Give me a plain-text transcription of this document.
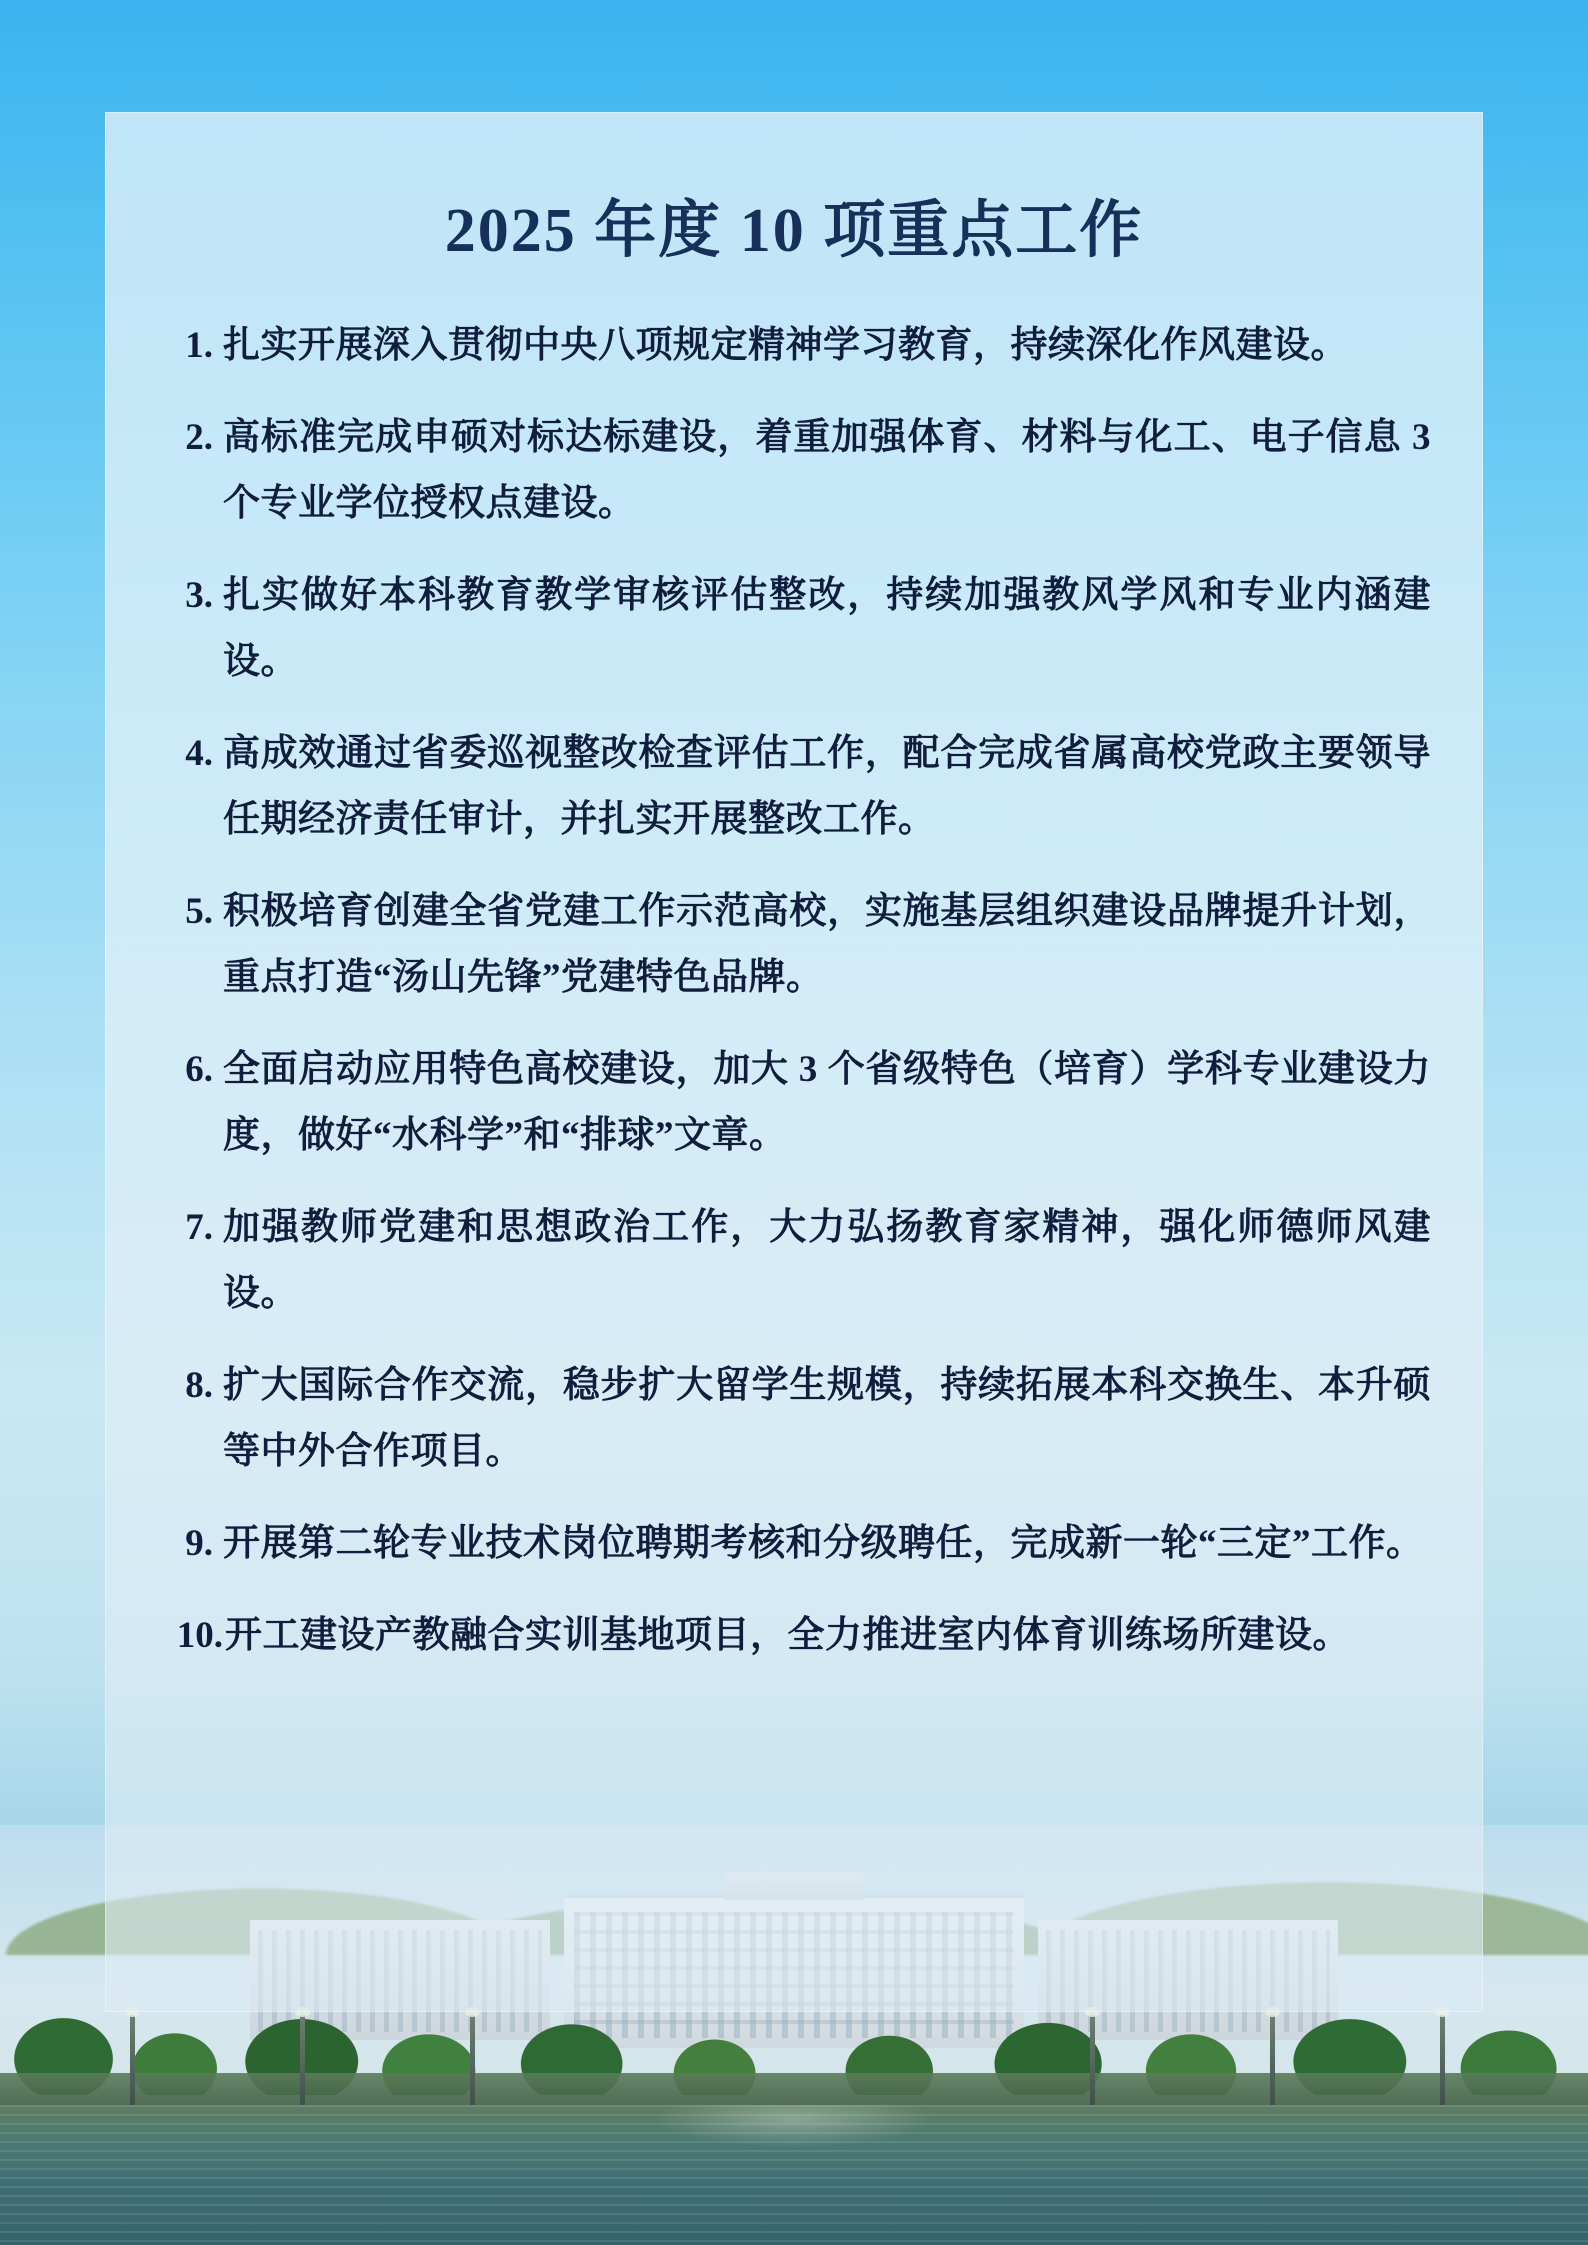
2025 年度 10 项重点工作
1. 扎实开展深入贯彻中央八项规定精神学习教育，持续深化作风建设。
2. 高标准完成申硕对标达标建设，着重加强体育、材料与化工、电子信息 3 个专业学位授权点建设。
3. 扎实做好本科教育教学审核评估整改，持续加强教风学风和专业内涵建设。
4. 高成效通过省委巡视整改检查评估工作，配合完成省属高校党政主要领导任期经济责任审计，并扎实开展整改工作。
5. 积极培育创建全省党建工作示范高校，实施基层组织建设品牌提升计划，重点打造“汤山先锋”党建特色品牌。
6. 全面启动应用特色高校建设，加大 3 个省级特色（培育）学科专业建设力度，做好“水科学”和“排球”文章。
7. 加强教师党建和思想政治工作，大力弘扬教育家精神，强化师德师风建设。
8. 扩大国际合作交流，稳步扩大留学生规模，持续拓展本科交换生、本升硕等中外合作项目。
9. 开展第二轮专业技术岗位聘期考核和分级聘任，完成新一轮“三定”工作。
10. 开工建设产教融合实训基地项目，全力推进室内体育训练场所建设。
